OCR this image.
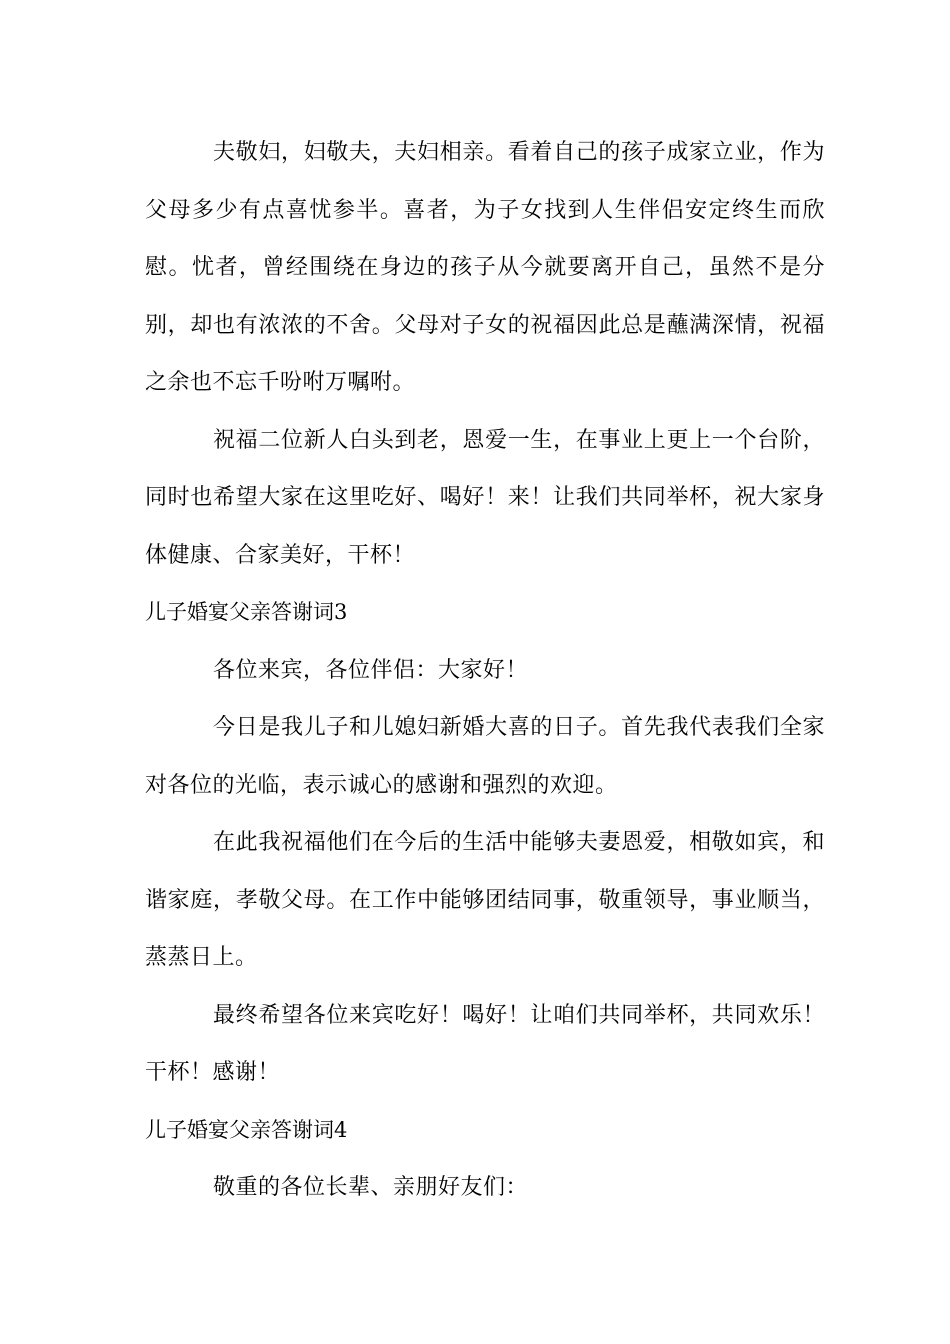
夫敬妇，妇敬夫，夫妇相亲。看着自己的孩子成家立业，作为父母多少有点喜忧参半。喜者，为子女找到人生伴侣安定终生而欣慰。忧者，曾经围绕在身边的孩子从今就要离开自己，虽然不是分别，却也有浓浓的不舍。父母对子女的祝福因此总是蘸满深情，祝福之余也不忘千吩咐万嘱咐。

祝福二位新人白头到老，恩爱一生，在事业上更上一个台阶，同时也希望大家在这里吃好、喝好！来！让我们共同举杯，祝大家身体健康、合家美好，干杯！

儿子婚宴父亲答谢词3

各位来宾，各位伴侣：大家好！

今日是我儿子和儿媳妇新婚大喜的日子。首先我代表我们全家对各位的光临，表示诚心的感谢和强烈的欢迎。

在此我祝福他们在今后的生活中能够夫妻恩爱，相敬如宾，和谐家庭，孝敬父母。在工作中能够团结同事，敬重领导，事业顺当，蒸蒸日上。

最终希望各位来宾吃好！喝好！让咱们共同举杯，共同欢乐！干杯！感谢！

儿子婚宴父亲答谢词4

敬重的各位长辈、亲朋好友们：
